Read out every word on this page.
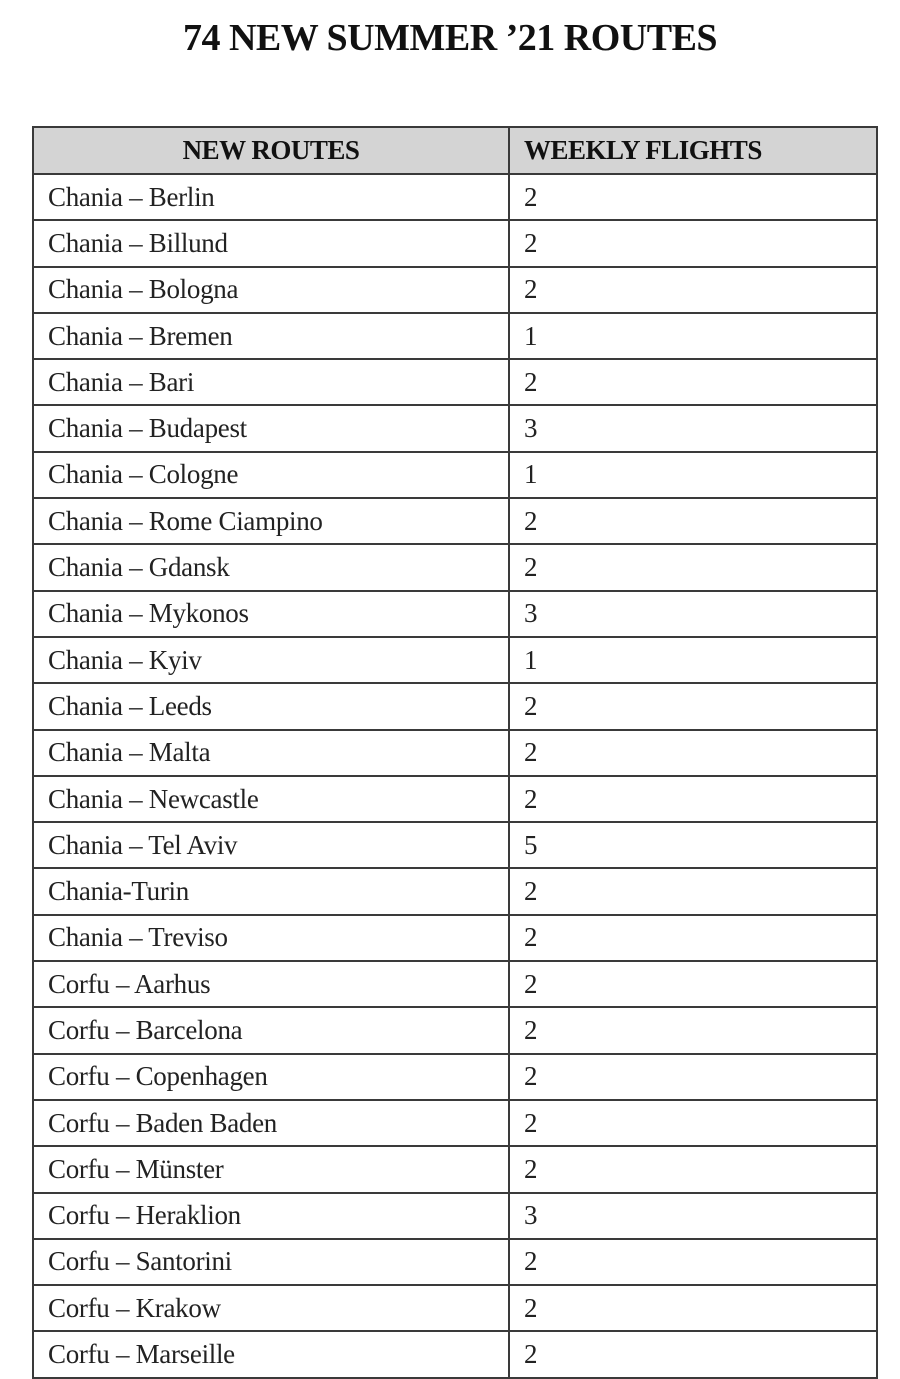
74 NEW SUMMER ’21 ROUTES
NEW ROUTES	WEEKLY FLIGHTS
Chania – Berlin	2
Chania – Billund	2
Chania – Bologna	2
Chania – Bremen	1
Chania – Bari	2
Chania – Budapest	3
Chania – Cologne	1
Chania – Rome Ciampino	2
Chania – Gdansk	2
Chania – Mykonos	3
Chania – Kyiv	1
Chania – Leeds	2
Chania – Malta	2
Chania – Newcastle	2
Chania – Tel Aviv	5
Chania-Turin	2
Chania – Treviso	2
Corfu – Aarhus	2
Corfu – Barcelona	2
Corfu – Copenhagen	2
Corfu – Baden Baden	2
Corfu – Münster	2
Corfu – Heraklion	3
Corfu – Santorini	2
Corfu – Krakow	2
Corfu – Marseille	2
